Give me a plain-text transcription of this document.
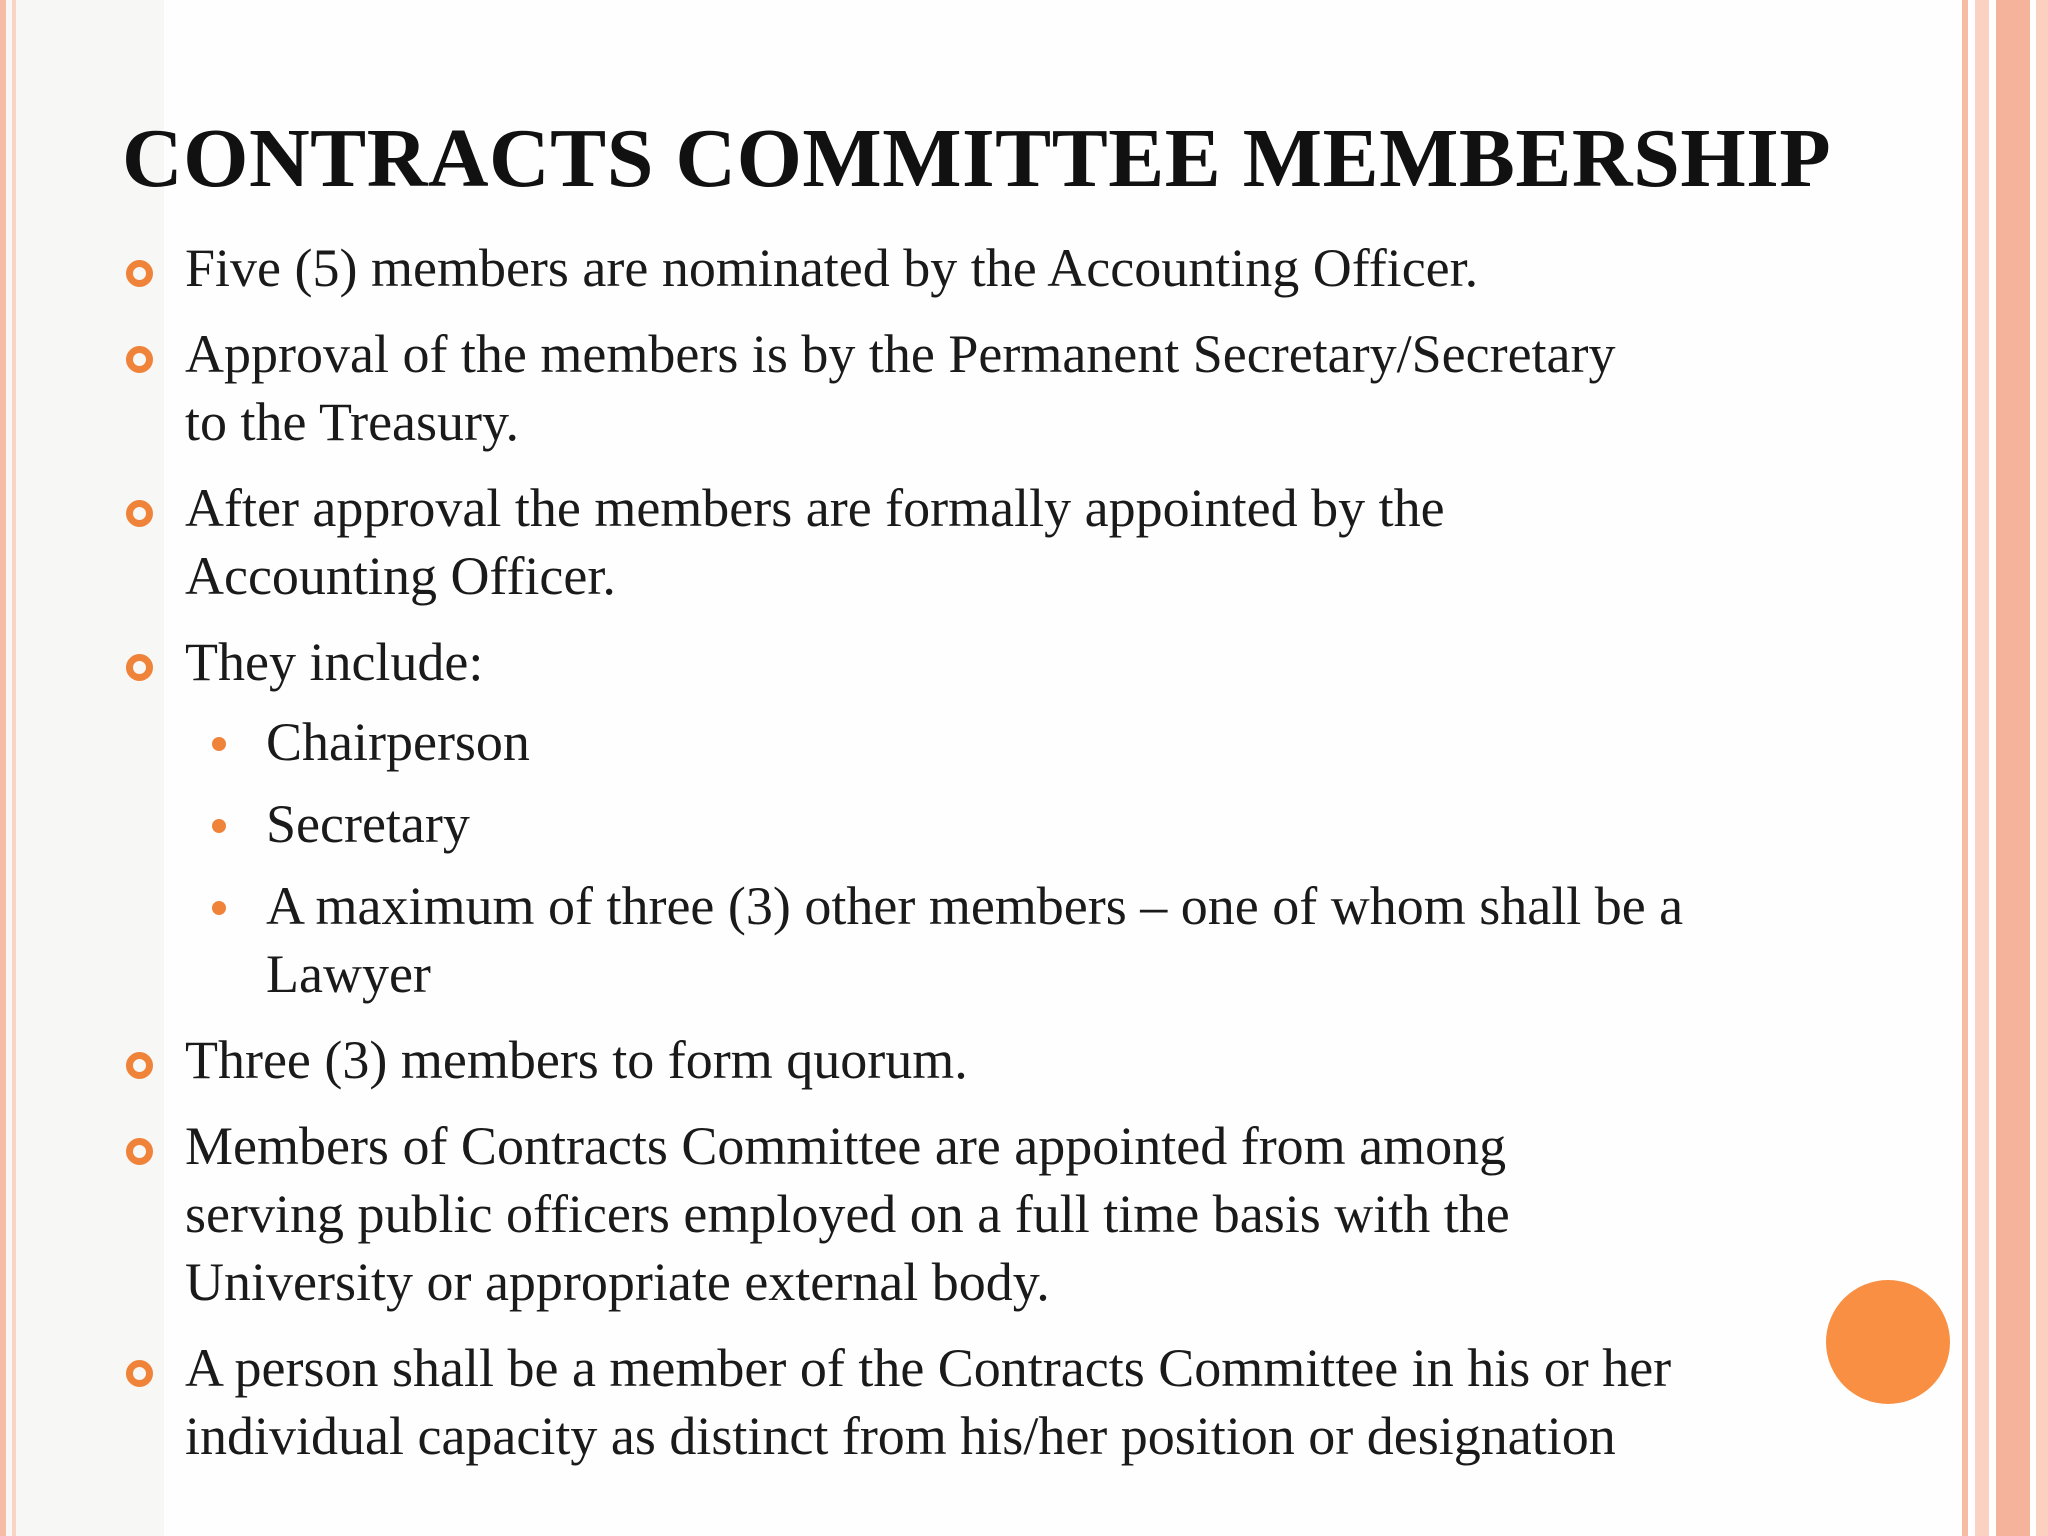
CONTRACTS COMMITTEE MEMBERSHIP
Five (5) members are nominated by the Accounting Officer.
Approval of the members is by the Permanent Secretary/Secretary
to the Treasury.
After approval the members are formally appointed by the
Accounting Officer.
They include:
Chairperson
Secretary
A maximum of three (3) other members – one of whom shall be a
Lawyer
Three (3) members to form quorum.
Members of Contracts Committee are appointed from among
serving public officers employed on a full time basis with the
University or appropriate external body.
A person shall be a member of the Contracts Committee in his or her
individual capacity as distinct from his/her position or designation
